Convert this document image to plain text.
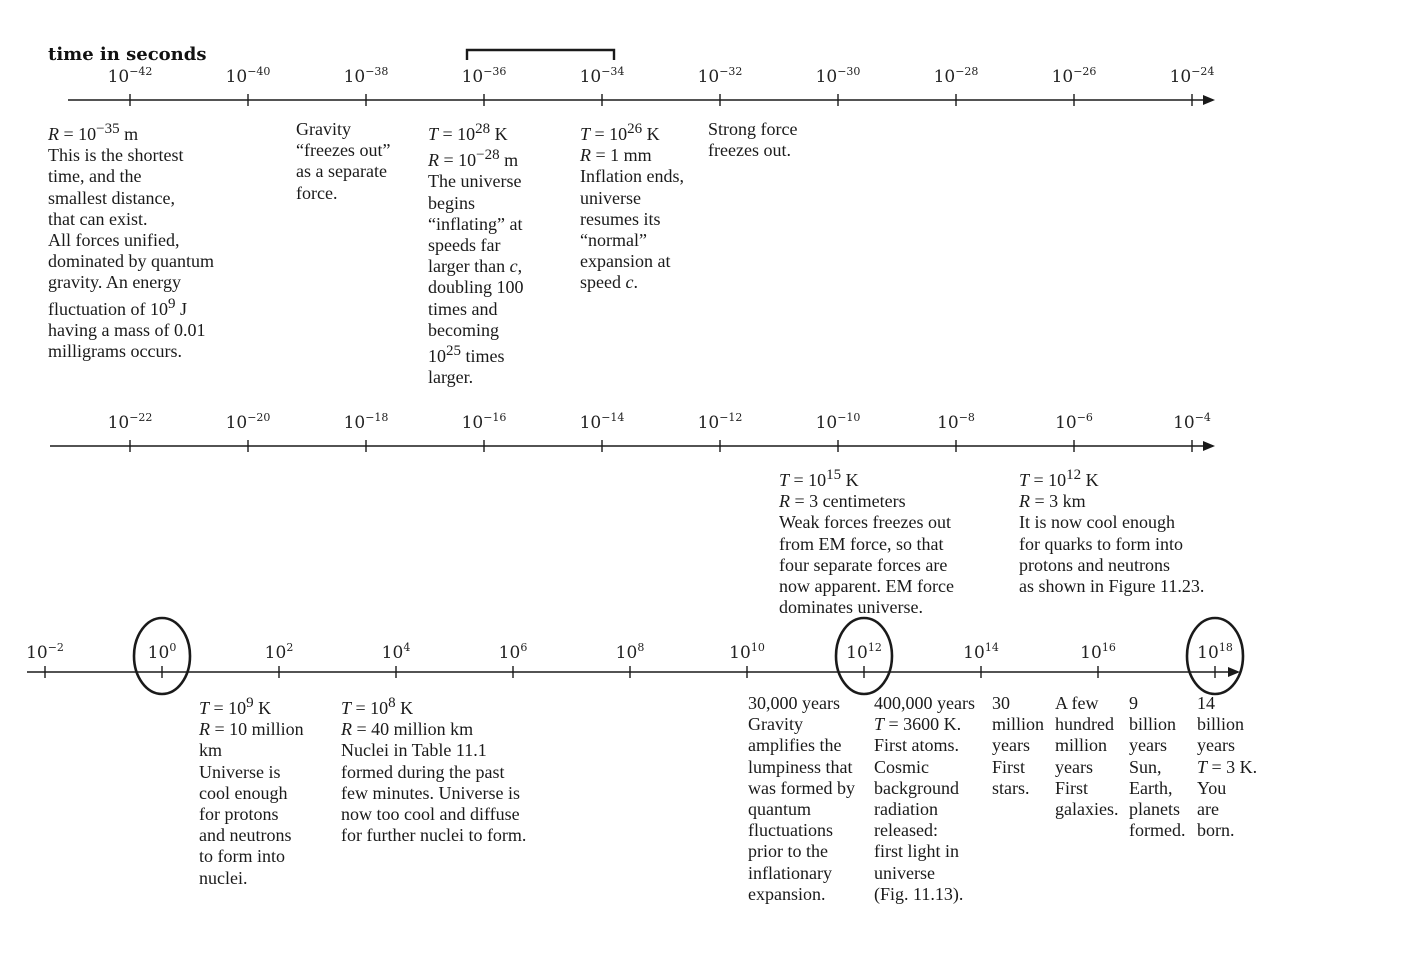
time in seconds
$10^{-42}$	$10^{-40}$	$10^{-38}$	$10^{-36}$	$10^{-34}$	$10^{-32}$	$10^{-30}$	$10^{-28}$	$10^{-26}$	$10^{-24}$
$10^{-22}$	$10^{-20}$	$10^{-18}$	$10^{-16}$	$10^{-14}$	$10^{-12}$	$10^{-10}$	$10^{-8}$	$10^{-6}$	$10^{-4}$
$10^{-2}$	$10^0$	$10^2$	$10^4$	$10^6$	$10^8$	$10^{10}$	$10^{12}$	$10^{14}$	$10^{16}$	$10^{18}$
$R = 10^{-35}$ m
This is the shortest
time, and the
smallest distance,
that can exist.
All forces unified,
dominated by quantum
gravity. An energy
fluctuation of $10^9$ J
having a mass of 0.01
milligrams occurs.
Gravity
“freezes out”
as a separate
force.
$T = 10^{28}$ K
$R = 10^{-28}$ m
The universe
begins
“inflating” at
speeds far
larger than c,
doubling 100
times and
becoming
$10^{25}$ times
larger.
$T = 10^{26}$ K
R = 1 mm
Inflation ends,
universe
resumes its
“normal”
expansion at
speed c.
Strong force
freezes out.
$T = 10^{15}$ K
R = 3 centimeters
Weak forces freezes out
from EM force, so that
four separate forces are
now apparent. EM force
dominates universe.
$T = 10^{12}$ K
R = 3 km
It is now cool enough
for quarks to form into
protons and neutrons
as shown in Figure 11.23.
$T = 10^9$ K
R = 10 million
km
Universe is
cool enough
for protons
and neutrons
to form into
nuclei.
$T = 10^8$ K
R = 40 million km
Nuclei in Table 11.1
formed during the past
few minutes. Universe is
now too cool and diffuse
for further nuclei to form.
30,000 years
Gravity
amplifies the
lumpiness that
was formed by
quantum
fluctuations
prior to the
inflationary
expansion.
400,000 years
T = 3600 K.
First atoms.
Cosmic
background
radiation
released:
first light in
universe
(Fig. 11.13).
30
million
years
First
stars.
A few
hundred
million
years
First
galaxies.
9
billion
years
Sun,
Earth,
planets
formed.
14
billion
years
T = 3 K.
You
are
born.
